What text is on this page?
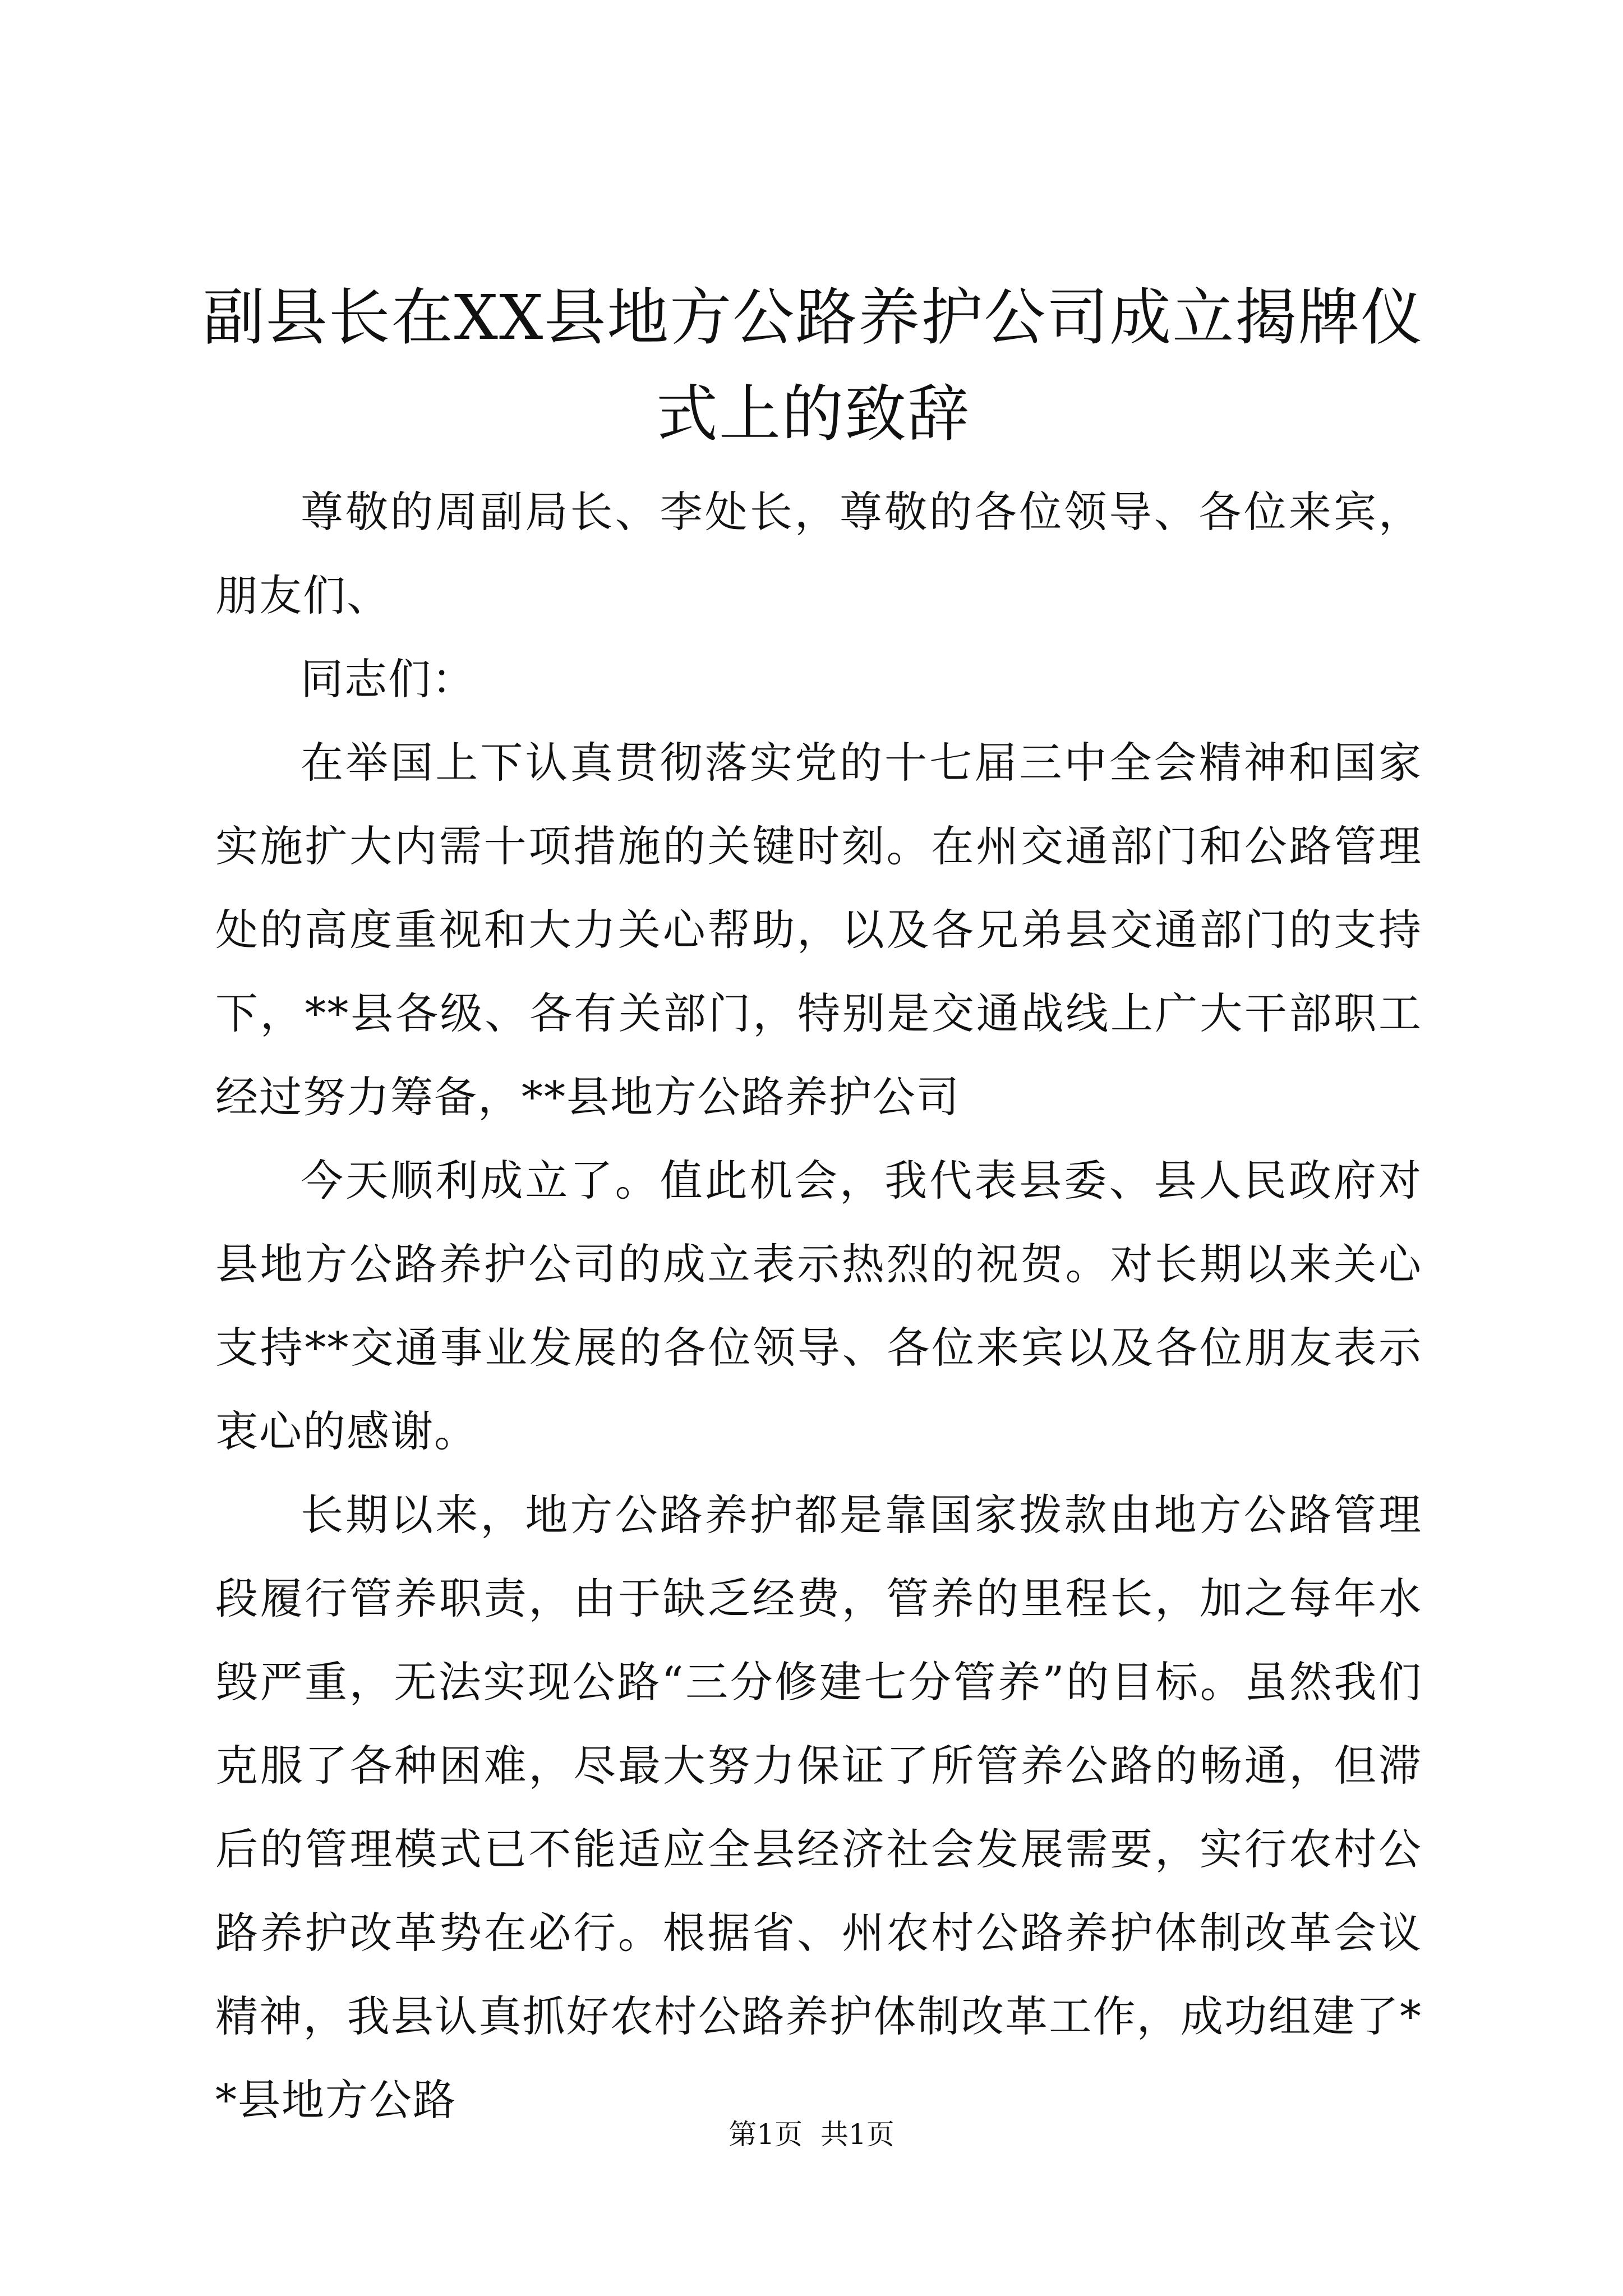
副县长在XX县地方公路养护公司成立揭牌仪式上的致辞

尊敬的周副局长、李处长，尊敬的各位领导、各位来宾，朋友们、

同志们：

在举国上下认真贯彻落实党的十七届三中全会精神和国家实施扩大内需十项措施的关键时刻。在州交通部门和公路管理处的高度重视和大力关心帮助，以及各兄弟县交通部门的支持下，**县各级、各有关部门，特别是交通战线上广大干部职工经过努力筹备，**县地方公路养护公司

今天顺利成立了。值此机会，我代表县委、县人民政府对县地方公路养护公司的成立表示热烈的祝贺。对长期以来关心支持**交通事业发展的各位领导、各位来宾以及各位朋友表示衷心的感谢。

长期以来，地方公路养护都是靠国家拨款由地方公路管理段履行管养职责，由于缺乏经费，管养的里程长，加之每年水毁严重，无法实现公路“三分修建七分管养”的目标。虽然我们克服了各种困难，尽最大努力保证了所管养公路的畅通，但滞后的管理模式已不能适应全县经济社会发展需要，实行农村公路养护改革势在必行。根据省、州农村公路养护体制改革会议精神，我县认真抓好农村公路养护体制改革工作，成功组建了**县地方公路

第1页  共1页
